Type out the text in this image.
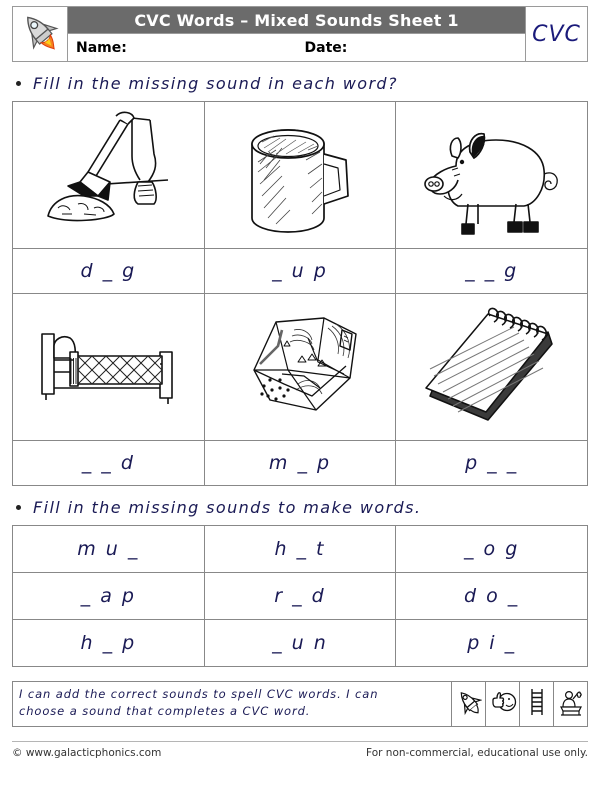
CVC Words – Mixed Sounds Sheet 1
Name:	Date:
CVC
Fill in the missing sound in each word?

d _ g	_ u p	_ _ g

_ _ d	m _ p	p _ _
Fill in the missing sounds to make words.
m u _	h _ t	_ o g
_ a p	r _ d	d o _
h _ p	_ u n	p i _
I can add the correct sounds to spell CVC words. I can
choose a sound that completes a CVC word.
© www.galacticphonics.com	For non-commercial, educational use only.
